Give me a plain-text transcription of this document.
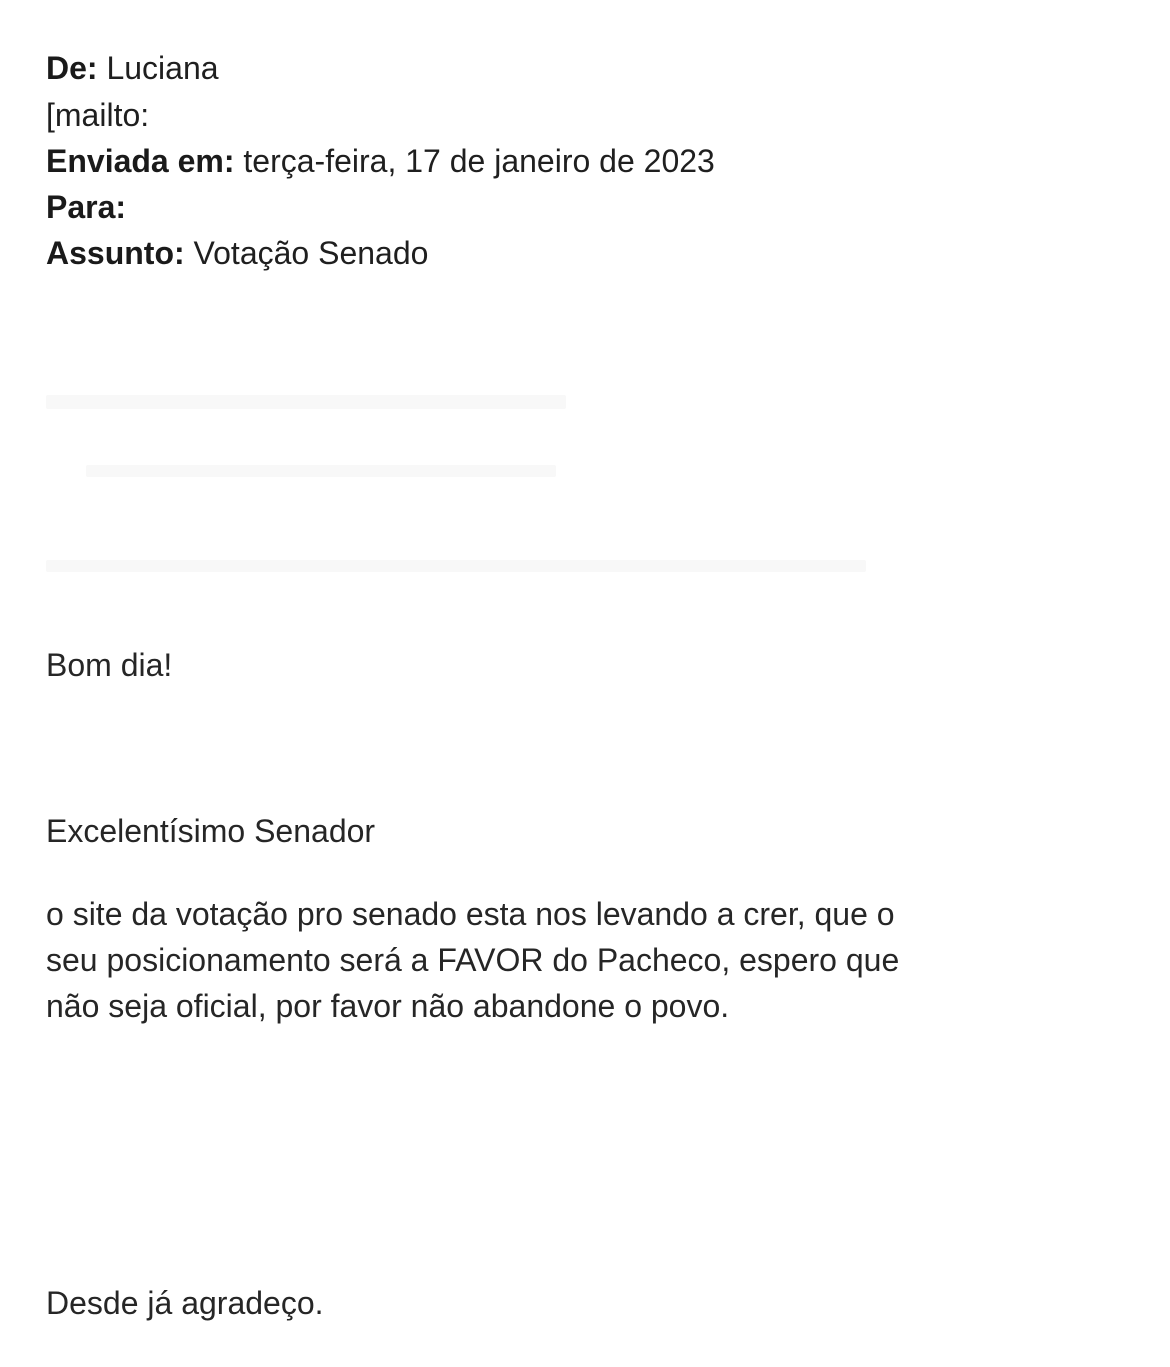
De: Luciana
[mailto:
Enviada em: terça-feira, 17 de janeiro de 2023
Para:
Assunto: Votação Senado

Bom dia!

Excelentísimo Senador

o site da votação pro senado esta nos levando a crer, que o seu posicionamento será a FAVOR do Pacheco, espero que não seja oficial, por favor não abandone o povo.

Desde já agradeço.
